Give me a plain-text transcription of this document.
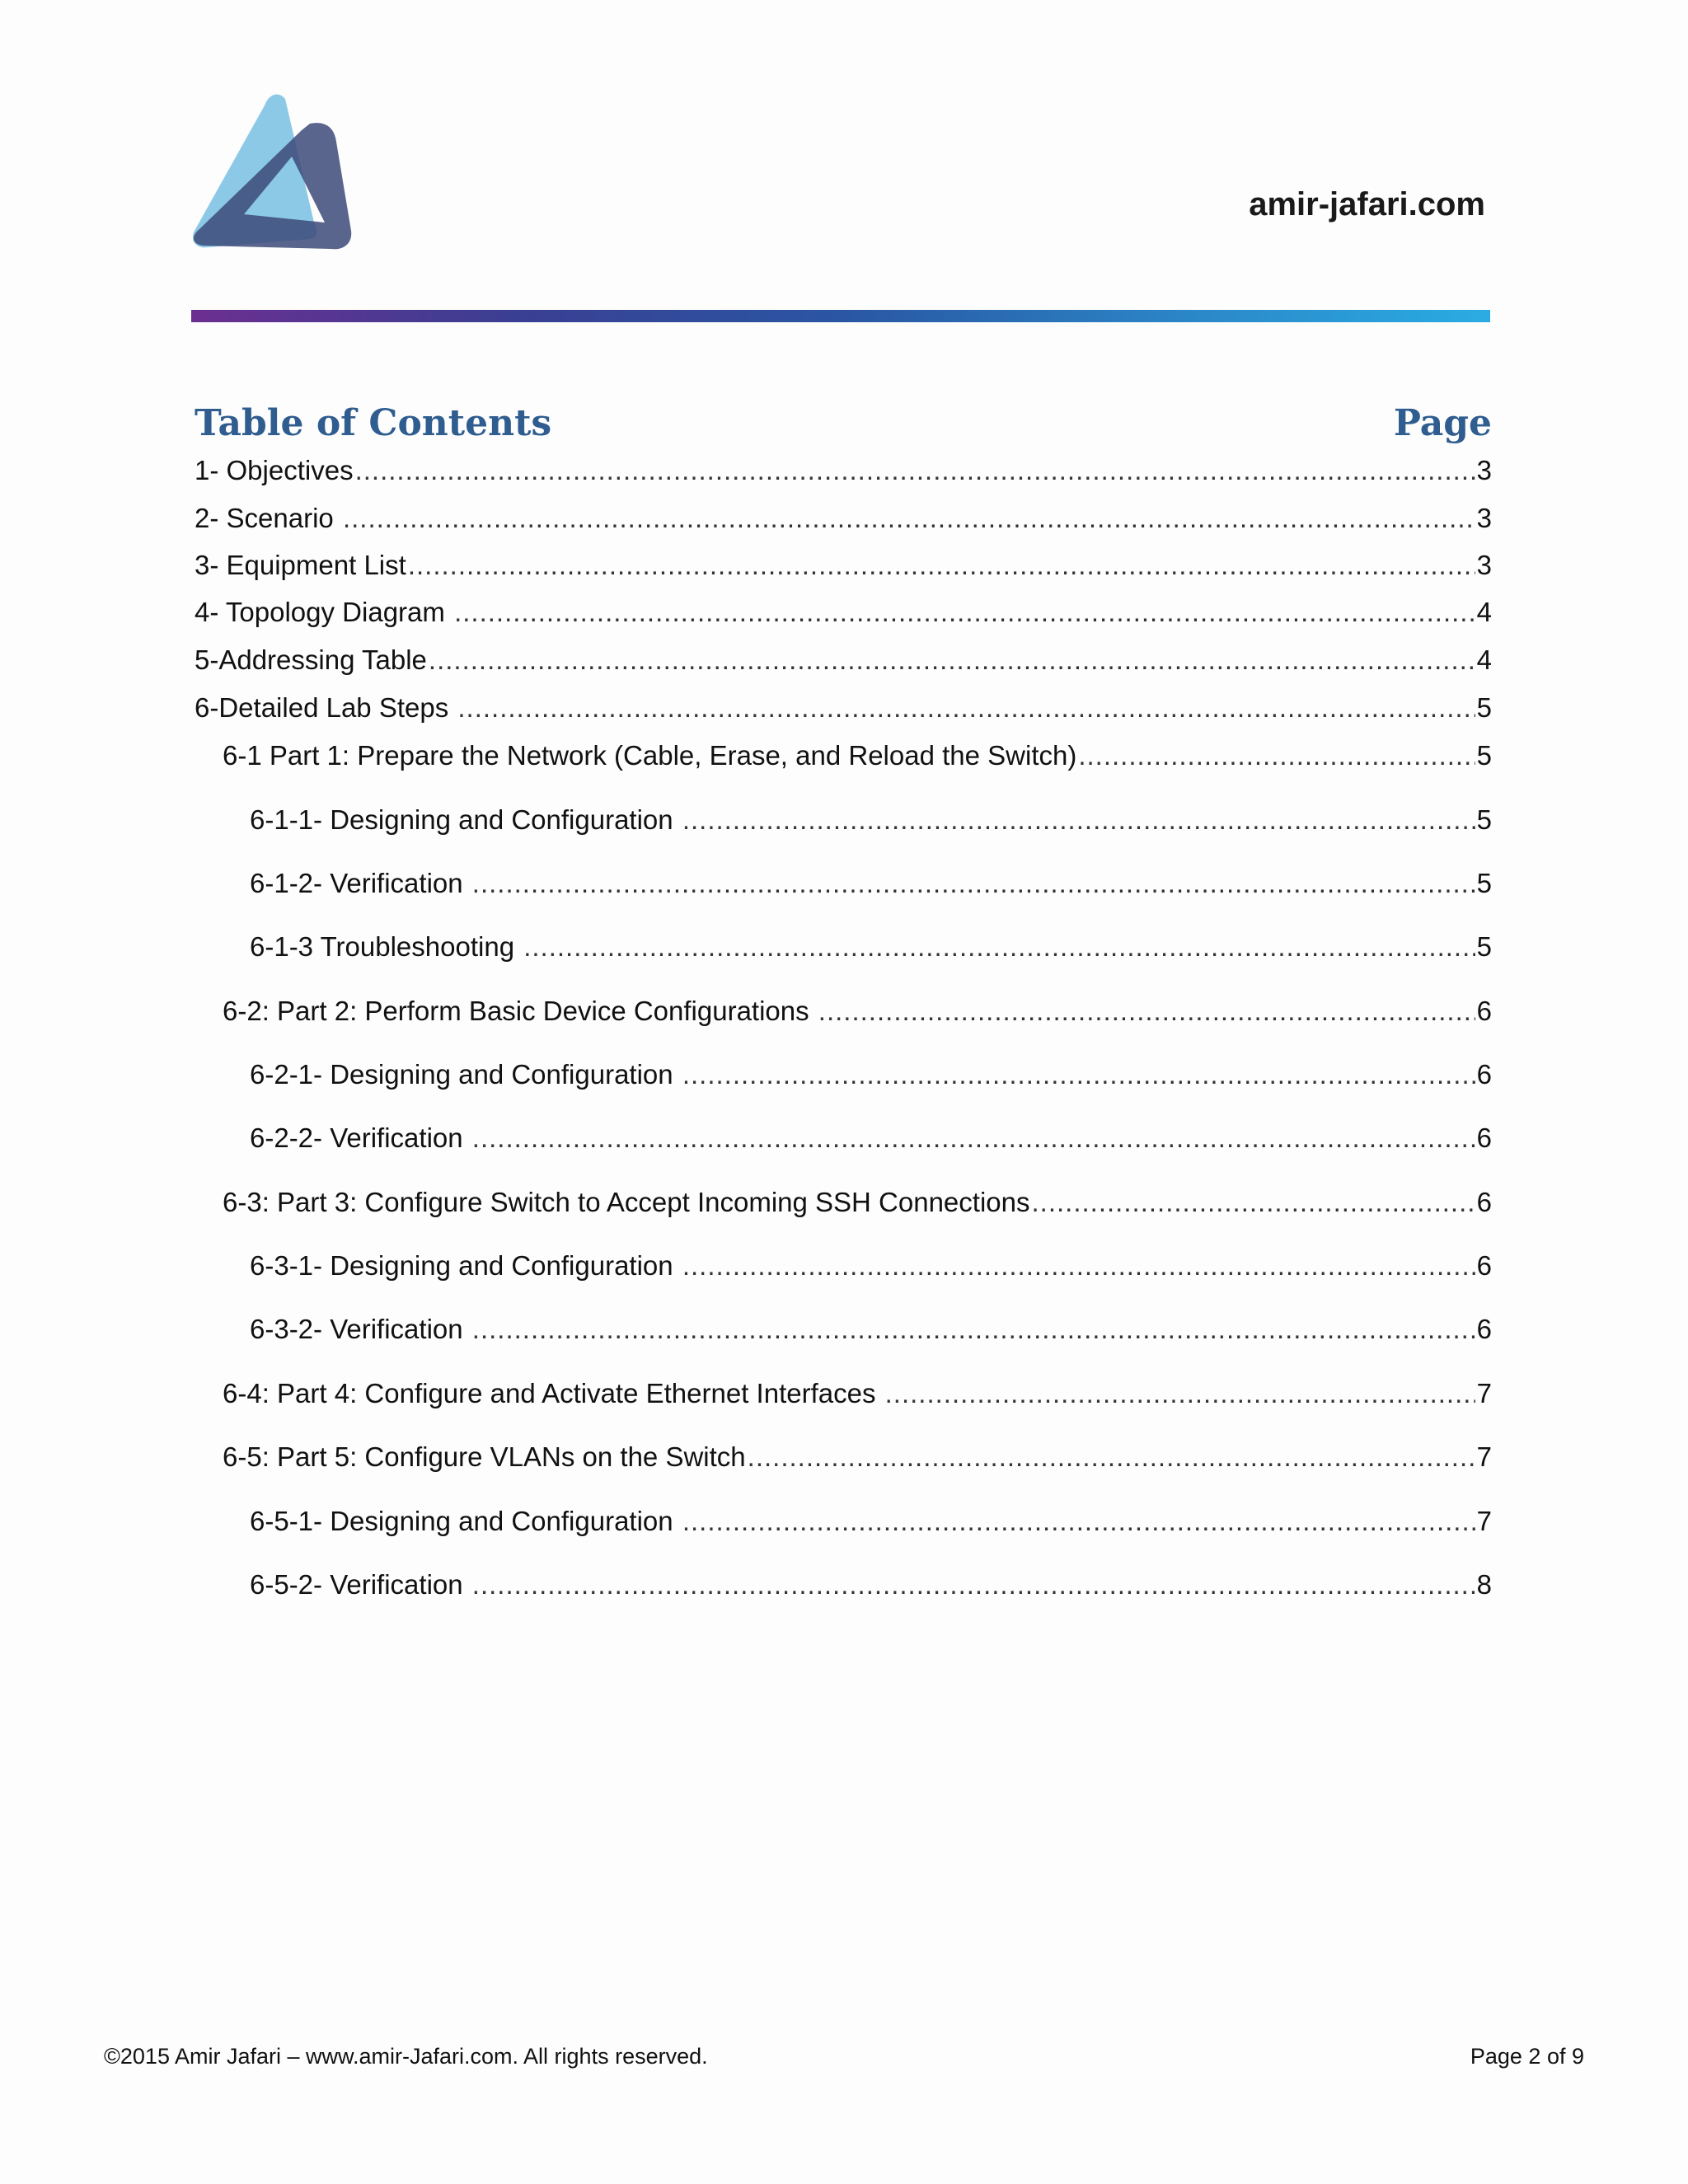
amir-jafari.com
Table of Contents	Page
1- Objectives .....	3
2- Scenario .....	3
3- Equipment List .....	3
4- Topology Diagram .....	4
5-Addressing Table .....	4
6-Detailed Lab Steps .....	5
6-1 Part 1: Prepare the Network (Cable, Erase, and Reload the Switch) .....	5
6-1-1- Designing and Configuration .....	5
6-1-2- Verification .....	5
6-1-3 Troubleshooting .....	5
6-2: Part 2: Perform Basic Device Configurations .....	6
6-2-1- Designing and Configuration .....	6
6-2-2- Verification .....	6
6-3: Part 3: Configure Switch to Accept Incoming SSH Connections .....	6
6-3-1- Designing and Configuration .....	6
6-3-2- Verification .....	6
6-4: Part 4: Configure and Activate Ethernet Interfaces .....	7
6-5: Part 5: Configure VLANs on the Switch .....	7
6-5-1- Designing and Configuration .....	7
6-5-2- Verification .....	8
©2015 Amir Jafari – www.amir-Jafari.com. All rights reserved.	Page 2 of 9
